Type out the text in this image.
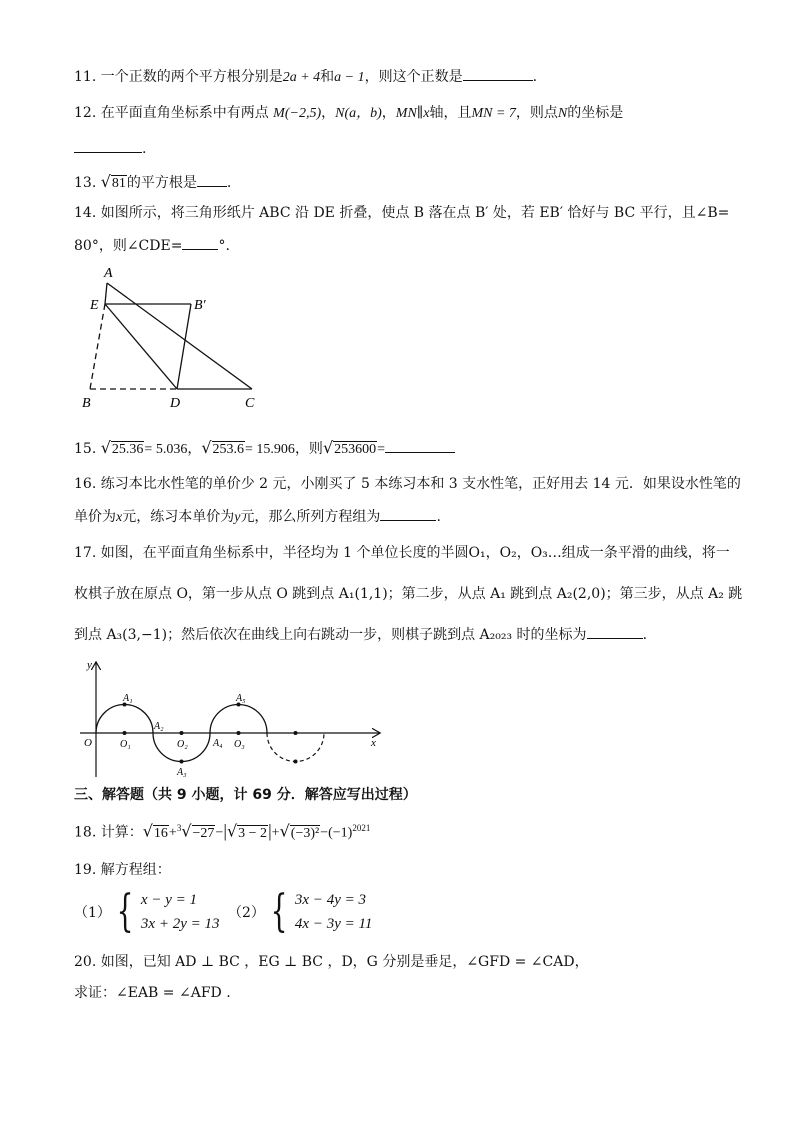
11. 一个正数的两个平方根分别是2a + 4和a − 1，则这个正数是	.
12. 在平面直角坐标系中有两点 M(−2,5)，N(a，b)，MN∥x轴，且MN = 7，则点N的坐标是
.
13. √81的平方根是 .
14. 如图所示，将三角形纸片 ABC 沿 DE 折叠，使点 B 落在点 B′ 处，若 EB′ 恰好与 BC 平行，且∠B=
80°，则∠CDE=	°.
A
E	B′
B	D	C
15. √25.36= 5.036，√253.6= 15.906，则√253600=
16. 练习本比水性笔的单价少 2 元，小刚买了 5 本练习本和 3 支水性笔，正好用去 14 元．如果设水性笔的
单价为x元，练习本单价为y元，那么所列方程组为	.
17. 如图，在平面直角坐标系中，半径均为 1 个单位长度的半圆O₁，O₂，O₃…组成一条平滑的曲线，将一
枚棋子放在原点 O，第一步从点 O 跳到点 A₁(1,1)；第二步，从点 A₁ 跳到点 A₂(2,0)；第三步，从点 A₂ 跳
到点 A₃(3,−1)；然后依次在曲线上向右跳动一步，则棋子跳到点 A₂₀₂₃ 时的坐标为	.
y
x
O
A₁
A₂
A₃
A₄
A₅
O₁	O₂	O₃
三、解答题（共 9 小题，计 69 分．解答应写出过程）
18. 计算：$√16+^3√-27-|√3 - 2|+√(-3)^2-(-1)^{2021}$
19. 解方程组：
（1） { x − y = 1
3x + 2y = 13
（2） { 3x − 4y = 3
4x − 3y = 11
20. 如图，已知 AD ⊥ BC ，EG ⊥ BC ，D，G 分别是垂足，∠GFD = ∠CAD，
求证：∠EAB = ∠AFD .
